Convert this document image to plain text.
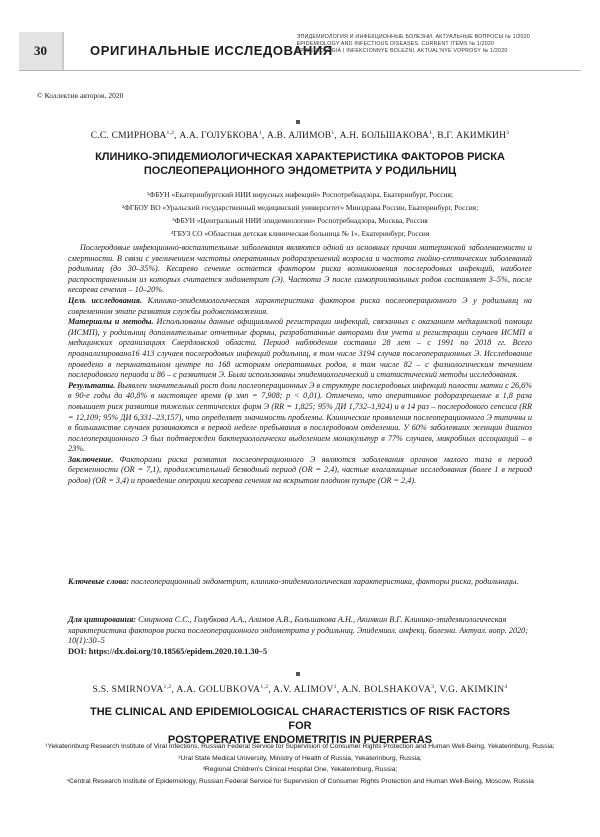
30	ОРИГИНАЛЬНЫЕ ИССЛЕДОВАНИЯ
ЭПИДЕМИОЛОГИЯ И ИНФЕКЦИОННЫЕ БОЛЕЗНИ. АКТУАЛЬНЫЕ ВОПРОСЫ № 1/2020
EPIDEMIOLOGY AND INFECTIOUS DISEASES. CURRENT ITEMS № 1/2020
ÈPIDEMIOLOGIÂ I INFEKCIONNYE BOLEZNI. AKTUAL'NYE VOPROSY № 1/2020
© Коллектив авторов, 2020
С.С. СМИРНОВА$^{1,2}$, А.А. ГОЛУБКОВА$^1$, А.В. АЛИМОВ$^1$, А.Н. БОЛЬШАКОВА$^1$, В.Г. АКИМКИН$^3$
КЛИНИКО-ЭПИДЕМИОЛОГИЧЕСКАЯ ХАРАКТЕРИСТИКА ФАКТОРОВ РИСКА
ПОСЛЕОПЕРАЦИОННОГО ЭНДОМЕТРИТА У РОДИЛЬНИЦ
¹ФБУН «Екатеринбургский НИИ вирусных инфекций» Роспотребнадзора, Екатеринбург, Россия;
²ФГБОУ ВО «Уральский государственный медицинский университет» Минздрава России, Екатеринбург, Россия;
³ФБУН «Центральный НИИ эпидемиологии» Роспотребнадзора, Москва, Россия
⁴ГБУЗ СО «Областная детская клиническая больница № 1», Екатеринбург, Россия

Послеродовые инфекционно-воспалительные заболевания являются одной из основных причин материнской заболеваемости и смертности. В связи с увеличением частоты оперативных родоразрешений возросла и частота гнойно-септических заболеваний родильниц (до 30–35%). Кесарево сечение остается фактором риска возникновения послеродовых инфекций, наиболее распространенным из которых считается эндометрит (Э). Частота Э после самопроизвольных родов составляет 3–5%, после кесарева сечения – 10–20%.

Цель исследования. Клинико-эпидемиологическая характеристика факторов риска послеоперационного Э у родильниц на современном этапе развития службы родовспоможения.

Материалы и методы. Использованы данные официальной регистрации инфекций, связанных с оказанием медицинской помощи (ИСМП), у родильниц дополнительные отчетные формы, разработанные авторами для учета и регистрации случаев ИСМП в медицинских организациях Свердловской области. Период наблюдения составил 28 лет – с 1991 по 2018 гг. Всего проанализировано16 413 случаев послеродовых инфекций родильниц, в том числе 3194 случая послеоперационных Э. Исследование проведено в перинатальном центре по 168 историям оперативных родов, в том числе 82 – с физиологическим течением послеродового периода и 86 – с развитием Э. Были использованы эпидемиологический и статистический методы исследования.

Результаты. Выявлен значительный рост доли послеоперационных Э в структуре послеродовых инфекций полости матки с 26,6% в 90-е годы до 40,8% в настоящее время (φ эмп = 7,908; р < 0,01). Отмечено, что оперативное родоразрешение в 1,8 раза повышает риск развития тяжелых септических форм Э (RR = 1,825; 95% ДИ 1,732–1,924) и в 14 раз – послеродового сепсиса (RR = 12,109; 95% ДИ 6,331–23,157), что определяет значимость проблемы. Клинические проявления послеоперационного Э типичны и в большинстве случаев развиваются в первой неделе пребывания в послеродовом отделении. У 60% заболевших женщин диагноз послеоперационного Э был подтвержден бактериологически выделением монокультур в 77% случаев, микробных ассоциаций – в 23%.

Заключение. Факторами риска развития послеоперационного Э являются заболевания органов малого таза в период беременности (OR = 7,1), продолжительный безводный период (OR = 2,4), частые влагалищные исследования (более 1 в период родов) (OR = 3,4) и проведение операции кесарева сечения на вскрытом плодном пузыре (OR = 2,4).

Ключевые слова: послеоперационный эндометрит, клинико-эпидемиологическая характеристика, факторы риска, родильницы.
Для цитирования: Смирнова С.С., Голубкова А.А., Алимов А.В., Большакова А.Н., Акимкин В.Г. Клинико-эпидемиологическая характеристика факторов риска послеоперационного эндометрита у родильниц. Эпидемиол. инфекц. болезни. Актуал. вопр. 2020; 10(1):30–5
DOI: https://dx.doi.org/10.18565/epidem.2020.10.1.30–5
S.S. SMIRNOVA$^{1,2}$, A.A. GOLUBKOVA$^{1,2}$, A.V. ALIMOV$^1$, A.N. BOLSHAKOVA$^3$, V.G. AKIMKIN$^4$
THE CLINICAL AND EPIDEMIOLOGICAL CHARACTERISTICS OF RISK FACTORS FOR
POSTOPERATIVE ENDOMETRITIS IN PUERPERAS
¹Yekaterinburg Research Institute of Viral Infections, Russian Federal Service for Supervision of Consumer Rights Protection and Human Well-Being, Yekaterinburg, Russia;
²Ural State Medical University, Ministry of Health of Russia, Yekaterinburg, Russia;
³Regional Children's Clinical Hospital One, Yekaterinburg, Russia;
⁴Central Research Institute of Epidemiology, Russian Federal Service for Supervision of Consumer Rights Protection and Human Well-Being, Moscow, Russia
